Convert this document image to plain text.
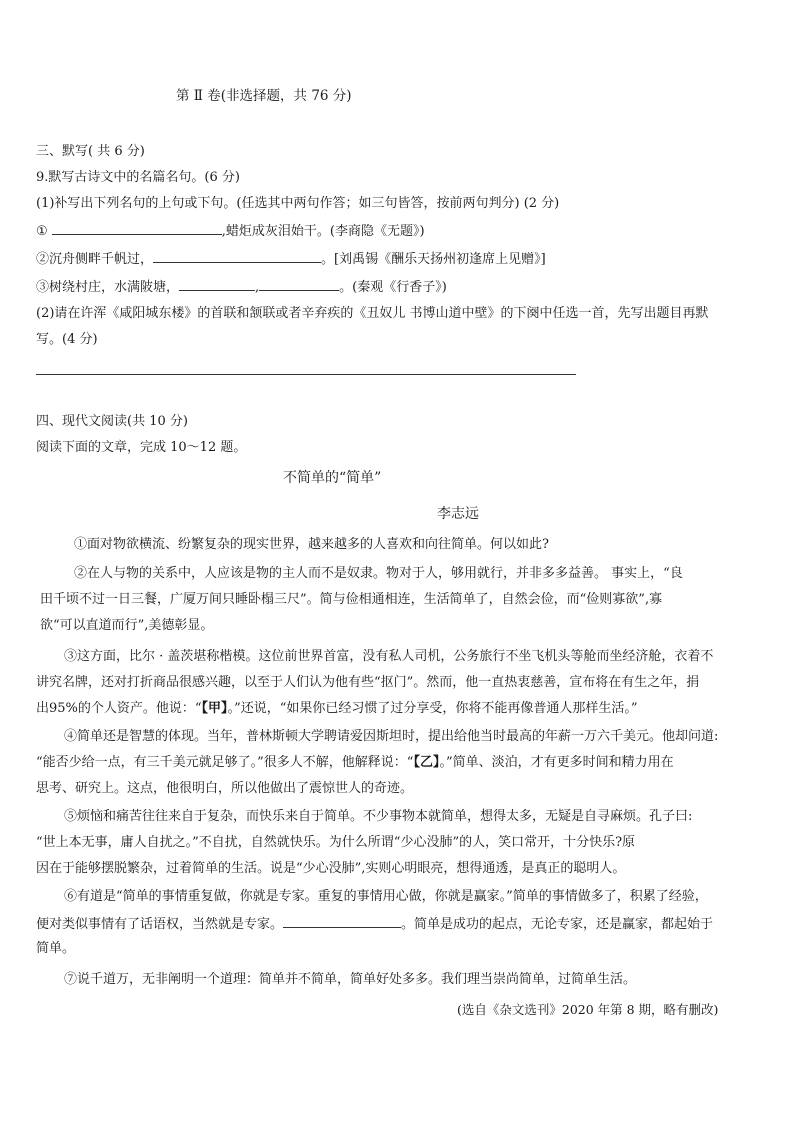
第 Ⅱ 卷(非选择题，共 76 分)
三、默写( 共 6 分)
9.默写古诗文中的名篇名句。(6 分)
(1)补写出下列名句的上句或下句。(任选其中两句作答；如三句皆答，按前两句判分) (2 分)
①	,蜡炬成灰泪始干。(李商隐《无题》)
②沉舟侧畔千帆过，	。[刘禹锡《酬乐天扬州初逢席上见赠》]
③树绕村庄，水满陂塘，	,	。(秦观《行香子》)
(2)请在许浑《咸阳城东楼》的首联和颔联或者辛弃疾的《丑奴儿 书博山道中壁》的下阕中任选一首，先写出题目再默
写。(4 分)
四、现代文阅读(共 10 分)
阅读下面的文章，完成 10～12 题。
不简单的“简单”
李志远
①面对物欲横流、纷繁复杂的现实世界，越来越多的人喜欢和向往简单。何以如此?
②在人与物的关系中，人应该是物的主人而不是奴隶。物对于人，够用就行，并非多多益善。 事实上，“良
田千顷不过一日三餐，广厦万间只睡卧榻三尺”。简与俭相通相连，生活简单了，自然会俭，而“俭则寡欲”,寡
欲“可以直道而行”,美德彰显。
③这方面，比尔 · 盖茨堪称楷模。这位前世界首富，没有私人司机，公务旅行不坐飞机头等舱而坐经济舱，衣着不
讲究名牌，还对打折商品很感兴趣，以至于人们认为他有些“抠门”。然而，他一直热衷慈善，宣布将在有生之年，捐
出95%的个人资产。他说：“【甲】。”还说，“如果你已经习惯了过分享受，你将不能再像普通人那样生活。”
④简单还是智慧的体现。当年，普林斯顿大学聘请爱因斯坦时，提出给他当时最高的年薪一万六千美元。他却问道:
“能否少给一点，有三千美元就足够了。”很多人不解，他解释说：“【乙】。”简单、淡泊，才有更多时间和精力用在
思考、研究上。这点，他很明白，所以他做出了震惊世人的奇迹。
⑤烦恼和痛苦往往来自于复杂，而快乐来自于简单。不少事物本就简单，想得太多，无疑是自寻麻烦。孔子曰:
“世上本无事，庸人自扰之。”不自扰，自然就快乐。为什么所谓“少心没肺”的人，笑口常开，十分快乐?原
因在于能够摆脱繁杂，过着简单的生活。说是“少心没肺”,实则心明眼亮，想得通透，是真正的聪明人。
⑥有道是“简单的事情重复做，你就是专家。重复的事情用心做，你就是赢家。”简单的事情做多了，积累了经验，
便对类似事情有了话语权，当然就是专家。	。简单是成功的起点，无论专家，还是赢家，都起始于
简单。
⑦说千道万，无非阐明一个道理：简单并不简单，简单好处多多。我们理当崇尚简单，过简单生活。
(选自《杂文选刊》2020 年第 8 期，略有删改)
